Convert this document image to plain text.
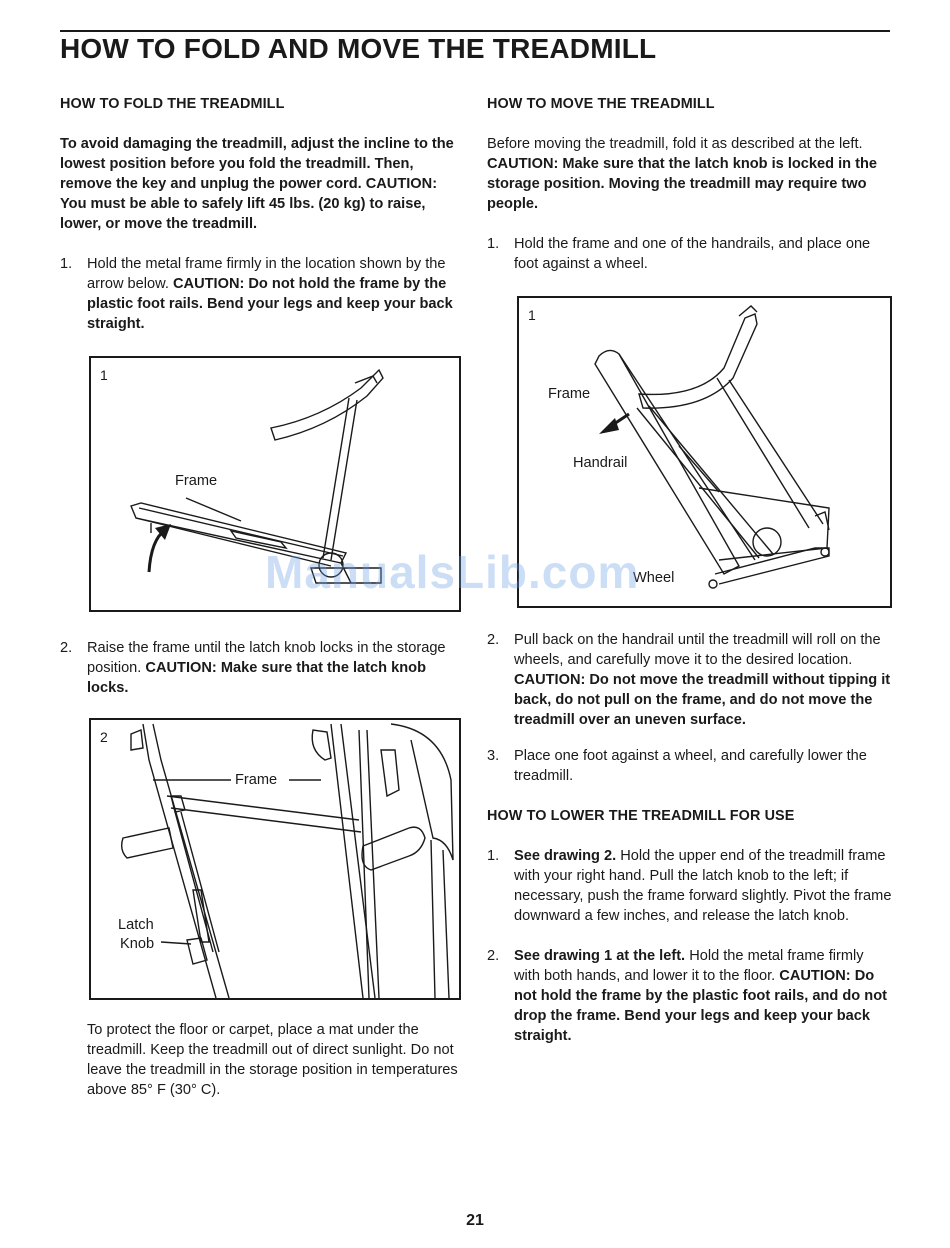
HOW TO FOLD AND MOVE THE TREADMILL

HOW TO FOLD THE TREADMILL

To avoid damaging the treadmill, adjust the incline to the lowest position before you fold the treadmill. Then, remove the key and unplug the power cord. CAUTION: You must be able to safely lift 45 lbs. (20 kg) to raise, lower, or move the treadmill.

1. Hold the metal frame firmly in the location shown by the arrow below. CAUTION: Do not hold the frame by the plastic foot rails. Bend your legs and keep your back straight.
1
Frame
2. Raise the frame until the latch knob locks in the storage position. CAUTION: Make sure that the latch knob locks.
2
Frame
Latch
Knob

To protect the floor or carpet, place a mat under the treadmill. Keep the treadmill out of direct sunlight. Do not leave the treadmill in the storage position in temperatures above 85° F (30° C).

HOW TO MOVE THE TREADMILL

Before moving the treadmill, fold it as described at the left. CAUTION: Make sure that the latch knob is locked in the storage position. Moving the treadmill may require two people.

1. Hold the frame and one of the handrails, and place one foot against a wheel.
1
Frame
Handrail
Wheel
2. Pull back on the handrail until the treadmill will roll on the wheels, and carefully move it to the desired location. CAUTION: Do not move the treadmill without tipping it back, do not pull on the frame, and do not move the treadmill over an uneven surface.
3. Place one foot against a wheel, and carefully lower the treadmill.

HOW TO LOWER THE TREADMILL FOR USE

1. See drawing 2. Hold the upper end of the treadmill frame with your right hand. Pull the latch knob to the left; if necessary, push the frame forward slightly. Pivot the frame downward a few inches, and release the latch knob.
2. See drawing 1 at the left. Hold the metal frame firmly with both hands, and lower it to the floor. CAUTION: Do not hold the frame by the plastic foot rails, and do not drop the frame. Bend your legs and keep your back straight.
ManualsLib.com
21
